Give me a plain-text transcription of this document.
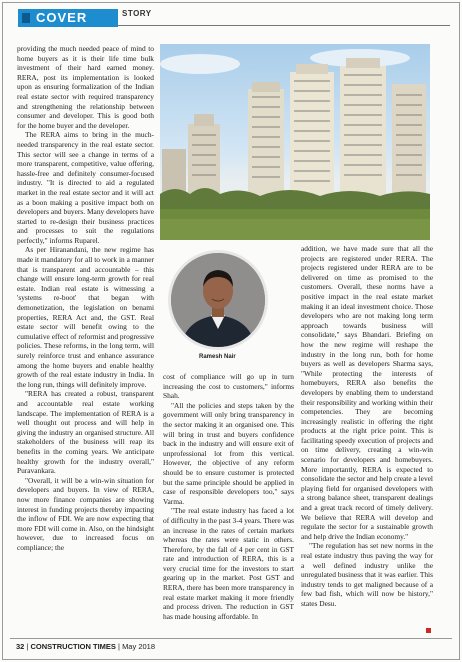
COVER	STORY

providing the much needed peace of mind to home buyers as it is their life time bulk investment of their hard earned money. RERA, post its implementation is looked upon as ensuring formalization of the Indian real estate sector with required transparency and strengthening the relationship between consumer and developer. This is good both for the home buyer and the developer.

The RERA aims to bring in the much-needed transparency in the real estate sector. This sector will see a change in terms of a more transparent, competitive, value offering, hassle-free and definitely consumer-focused industry. "It is directed to aid a regulated market in the real estate sector and it will act as a boon making a positive impact both on developers and buyers. Many developers have started to re-design their business practices and processes to suit the regulations perfectly," informs Ruparel.

As per Hiranandani, the new regime has made it mandatory for all to work in a manner that is transparent and accountable – this change will ensure long-term growth for real estate. Indian real estate is witnessing a 'systems re-boot' that began with demonetization, the legislation on benami properties, RERA Act and, the GST. Real estate sector will benefit owing to the cumulative effect of reformist and progressive policies. These reforms, in the long term, will surely reinforce trust and enhance assurance among the home buyers and enable healthy growth of the real estate industry in India. In the long run, things will definitely improve.

"RERA has created a robust, transparent and accountable real estate working landscape. The implementation of RERA is a well thought out process and will help in giving the industry an organised structure. All stakeholders of the business will reap its benefits in the coming years. We anticipate healthy growth for the industry overall," Puravankara.

"Overall, it will be a win-win situation for developers and buyers. In view of RERA, now more finance companies are showing interest in funding projects thereby impacting the inflow of FDI. We are now expecting that more FDI will come in. Also, on the hindsight however, due to increased focus on compliance; the

Ramesh Nair

cost of compliance will go up in turn increasing the cost to customers," informs Shah.

"All the policies and steps taken by the government will only bring transparency in the sector making it an organised one. This will bring in trust and buyers confidence back in the industry and will ensure exit of unprofessional lot from this vertical. However, the objective of any reform should be to ensure customer is protected but the same principle should be applied in case of responsible developers too," says Varma.

"The real estate industry has faced a lot of difficulty in the past 3-4 years. There was an increase in the rates of certain markets whereas the rates were static in others. Therefore, by the fall of 4 per cent in GST rate and introduction of RERA, this is a very crucial time for the investors to start gearing up in the market. Post GST and RERA, there has been more transparency in real estate market making it more friendly and process driven. The reduction in GST has made housing affordable. In

addition, we have made sure that all the projects are registered under RERA. The projects registered under RERA are to be delivered on time as promised to the customers. Overall, these norms have a positive impact in the real estate market making it an ideal investment choice. Those developers who are not making long term approach towards business will consolidate," says Bhandari. Briefing on how the new regime will reshape the industry in the long run, both for home buyers as well as developers Sharma says, "While protecting the interests of homebuyers, RERA also benefits the developers by enabling them to understand their responsibility and working within their competencies. They are becoming increasingly realistic in offering the right products at the right price point. This is facilitating speedy execution of projects and on time delivery, creating a win-win scenario for developers and homebuyers. More importantly, RERA is expected to consolidate the sector and help create a level playing field for organised developers with a strong balance sheet, transparent dealings and a great track record of timely delivery. We believe that RERA will develop and regulate the sector for a sustainable growth and help drive the Indian economy."

"The regulation has set new norms in the real estate industry thus paving the way for a well defined industry unlike the unregulated business that it was earlier. This industry tends to get maligned because of a few bad fish, which will now be history," states Desu.

32 | CONSTRUCTION TIMES | May 2018
